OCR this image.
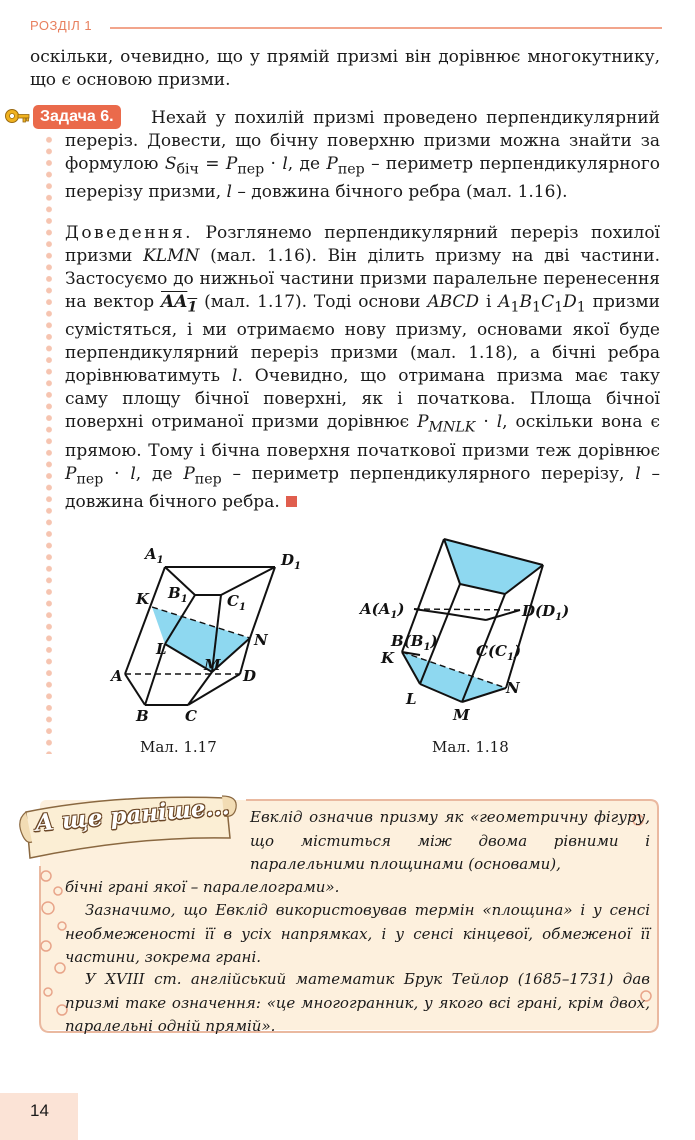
РОЗДІЛ 1
оскільки, очевидно, що у прямій призмі він дорівнює многокутнику, що є основою призми.
Задача 6.	Нехай у похилій призмі проведено перпендикулярний переріз. Довести, що бічну поверхню призми можна знайти за формулою $S_{біч} = P_{пер} \cdot l$, де $P_{пер}$ – периметр перпендикулярного перерізу призми, l – довжина бічного ребра (мал. 1.16).
Доведення. Розглянемо перпендикулярний переріз похилої призми KLMN (мал. 1.16). Він ділить призму на дві частини. Застосуємо до нижньої частини призми паралельне перенесення на вектор $AA_1$ (мал. 1.17). Тоді основи ABCD і $A_1B_1C_1D_1$ призми сумістяться, і ми отримаємо нову призму, основами якої буде перпендикулярний переріз призми (мал. 1.18), а бічні ребра дорівнюватимуть l. Очевидно, що отримана призма має таку саму площу бічної поверхні, як і початкова. Площа бічної поверхні отриманої призми дорівнює $P_{MNLK} \cdot l$, оскільки вона є прямою. Тому і бічна поверхня початкової призми теж дорівнює $P_{пер} \cdot l$, де $P_{пер}$ – периметр перпендикулярного перерізу, l – довжина бічного ребра.
$A_1$	$D_1$
K $B_1$	$C_1$
L	N
M
A	D
B C
Мал. 1.17
$A(A_1)$	$D(D_1)$
$B(B_1)$
$C(C_1)$
K
L
M
N
Мал. 1.18
А ще раніше... Евклід означив призму як «геометричну фігуру, що міститься між двома рівними і паралельними площинами (основами),
бічні грані якої – паралелограми».
Зазначимо, що Евклід використовував термін «площина» і у сенсі необмеженості її в усіх напрямках, і у сенсі кінцевої, обмеженої її частини, зокрема грані.
У XVIII ст. англійський математик Брук Тейлор (1685–1731) дав призмі таке означення: «це многогранник, у якого всі грані, крім двох, паралельні одній прямій».
14
